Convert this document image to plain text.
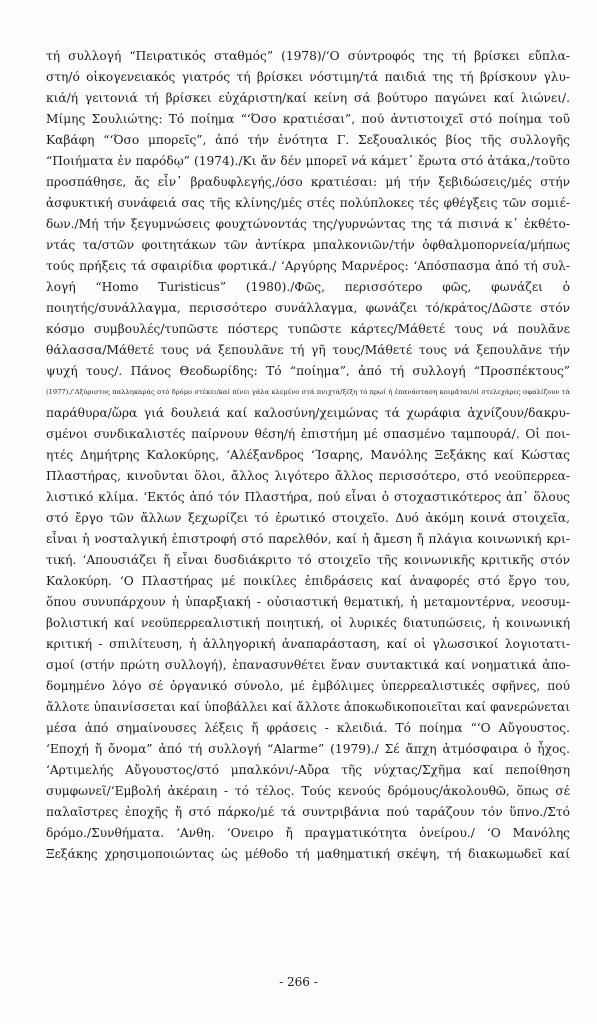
τή συλλογή “Πειρατικός σταθμός” (1978)/‘Ο σύντροφός της τή βρίσκει εὔπλα-
στη/ό οἰκογενειακός γιατρός τή βρίσκει νόστιμη/τά παιδιά της τή βρίσκουν γλυ-
κιά/ή γειτονιά τή βρίσκει εὐχάριστη/καί κείνη σά βούτυρο παγώνει καί λιώνει/.
Μίμης Σουλιώτης: Τό ποίημα “‘Όσο κρατιέσαι”, πού ἀντιστοιχεῖ στό ποίημα τοῦ
Καβάφη “‘Όσο μπορεῖς”, ἀπό τήν ἑνότητα Γ. Σεξουαλικός βίος τῆς συλλογῆς
“Ποιήματα ἐν παρόδῳ” (1974)./Κι ἄν δέν μπορεῖ νά κάμετ᾽ ἔρωτα στό ἀτάκα,/τοῦτο
προσπάθησε, ἄς εἶν᾽ βραδυφλεγής,/όσο κρατιέσαι: μή τήν ξεβιδώσεις/μές στήν
ἀσφυκτική συνάφειά σας τῆς κλίνης/μές στές πολύπλοκες τές φθέγξεις τῶν σομιέ-
δων./Μή τήν ξεγυμνώσεις φουχτώνοντάς της/γυρνώντας της τά πισινά κ᾽ ἐκθέτο-
ντάς τα/στῶν φοιτητάκων τῶν ἀντίκρα μπαλκονιῶν/τήν ὀφθαλμοπορνεία/μήπως
τούς πρήξεις τά σφαιρίδια φορτικά./ ‘Αργύρης Μαρνέρος: ‘Απόσπασμα ἀπό τή συλ-
λογή “Homo Turisticus” (1980)./Φῶς, περισσότερο φῶς, φωνάζει ὁ
ποιητής/συνάλλαγμα, περισσότερο συνάλλαγμα, φωνάζει τό/κράτος/Δῶστε στόν
κόσμο συμβουλές/τυπῶστε πόστερς τυπῶστε κάρτες/Μάθετέ τους νά πουλᾶνε
θάλασσα/Μάθετέ τους νά ξεπουλᾶνε τή γῆ τους/Μάθετέ τους νά ξεπουλᾶνε τήν
ψυχή τους/. Πάνος Θεοδωρίδης: Τό “ποίημα”, ἀπό τή συλλογή “Προσπέκτους”
(1977)./‘Αξύριστος παλληκαράς στό δρόμο στέκει/καί πίνει γάλα κλεμένο στά πνιχτά/ξέξη τό πρωί ἡ ἐπανάσταση κοιμᾶται/οἱ στελεχάρες σφαλίζουν τά
παράθυρα/ὥρα γιά δουλειά καί καλοσύνη/χειμώνας τά χωράφια ἀχνίζουν/δακρυ-
σμένοι συνδικαλιστές παίρνουν θέση/ή ἐπιστήμη μέ σπασμένο ταμπουρά/. Οἱ ποι-
ητές Δημήτρης Καλοκύρης, ‘Αλέξανδρος ‘Ίσαρης, Μανόλης Ξεξάκης καί Κώστας
Πλαστήρας, κινοῦνται ὅλοι, ἄλλος λιγότερο ἄλλος περισσότερο, στό νεοϋπερρεα-
λιστικό κλίμα. ‘Εκτός ἀπό τόν Πλαστήρα, πού εἶναι ὁ στοχαστικότερος ἀπ᾽ ὅλους
στό ἔργο τῶν ἄλλων ξεχωρίζει τό ἐρωτικό στοιχεῖο. Δυό ἀκόμη κοινά στοιχεῖα,
εἶναι ἡ νοσταλγική ἐπιστροφή στό παρελθόν, καί ἡ ἄμεση ἤ πλάγια κοινωνική κρι-
τική. ‘Απουσιάζει ἤ εἶναι δυσδιάκριτο τό στοιχεῖο τῆς κοινωνικῆς κριτικῆς στόν
Καλοκύρη. ‘Ο Πλαστήρας μέ ποικίλες ἐπιδράσεις καί ἀναφορές στό ἔργο του,
ὅπου συνυπάρχουν ἡ ὑπαρξιακή - οὐσιαστική θεματική, ἡ μεταμοντέρνα, νεοσυμ-
βολιστική καί νεοϋπερρεαλιστική ποιητική, οἱ λυρικές διατυπώσεις, ἡ κοινωνική
κριτική - σπιλίτευση, ἡ ἀλληγορική ἀναπαράσταση, καί οἱ γλωσσικοί λογιοτατι-
σμοί (στήν πρώτη συλλογή), ἐπανασυνθέτει ἕναν συντακτικά καί νοηματικά ἀπο-
δομημένο λόγο σέ ὀργανικό σύνολο, μέ ἐμβόλιμες ὑπερρεαλιστικές σφῆνες, πού
ἄλλοτε ὑπαινίσσεται καί ὑποβάλλει καί ἄλλοτε ἀποκωδικοποιεῖται καί φανερώνεται
μέσα ἀπό σημαίνουσες λέξεις ἤ φράσεις - κλειδιά. Τό ποίημα “‘Ο Αὔγουστος.
‘Εποχή ἤ ὄνομα” ἀπό τή συλλογή “Alarme” (1979)./ Σέ ἄπχη ἀτμόσφαιρα ὁ ἦχος.
‘Αρτιμελής Αὔγουστος/στό μπαλκόνι/-Αὔρα τῆς νύχτας/Σχῆμα καί πεποίθηση
συμφωνεῖ/‘Εμβολή ἀκέραιη - τό τέλος. Τούς κενούς δρόμους/ἀκολουθῶ, ὅπως σέ
παλαῖστρες ἐποχῆς ἤ στό πάρκο/μέ τά συντριβάνια πού ταράζουν τόν ὕπνο./Στό
δρόμο./Συνθήματα. ‘Ανθη. ‘Ονειρο ἤ πραγματικότητα ὀνείρου./ ‘Ο Μανόλης
Ξεξάκης χρησιμοποιώντας ὡς μέθοδο τή μαθηματική σκέψη, τή διακωμωδεῖ καί
- 266 -
